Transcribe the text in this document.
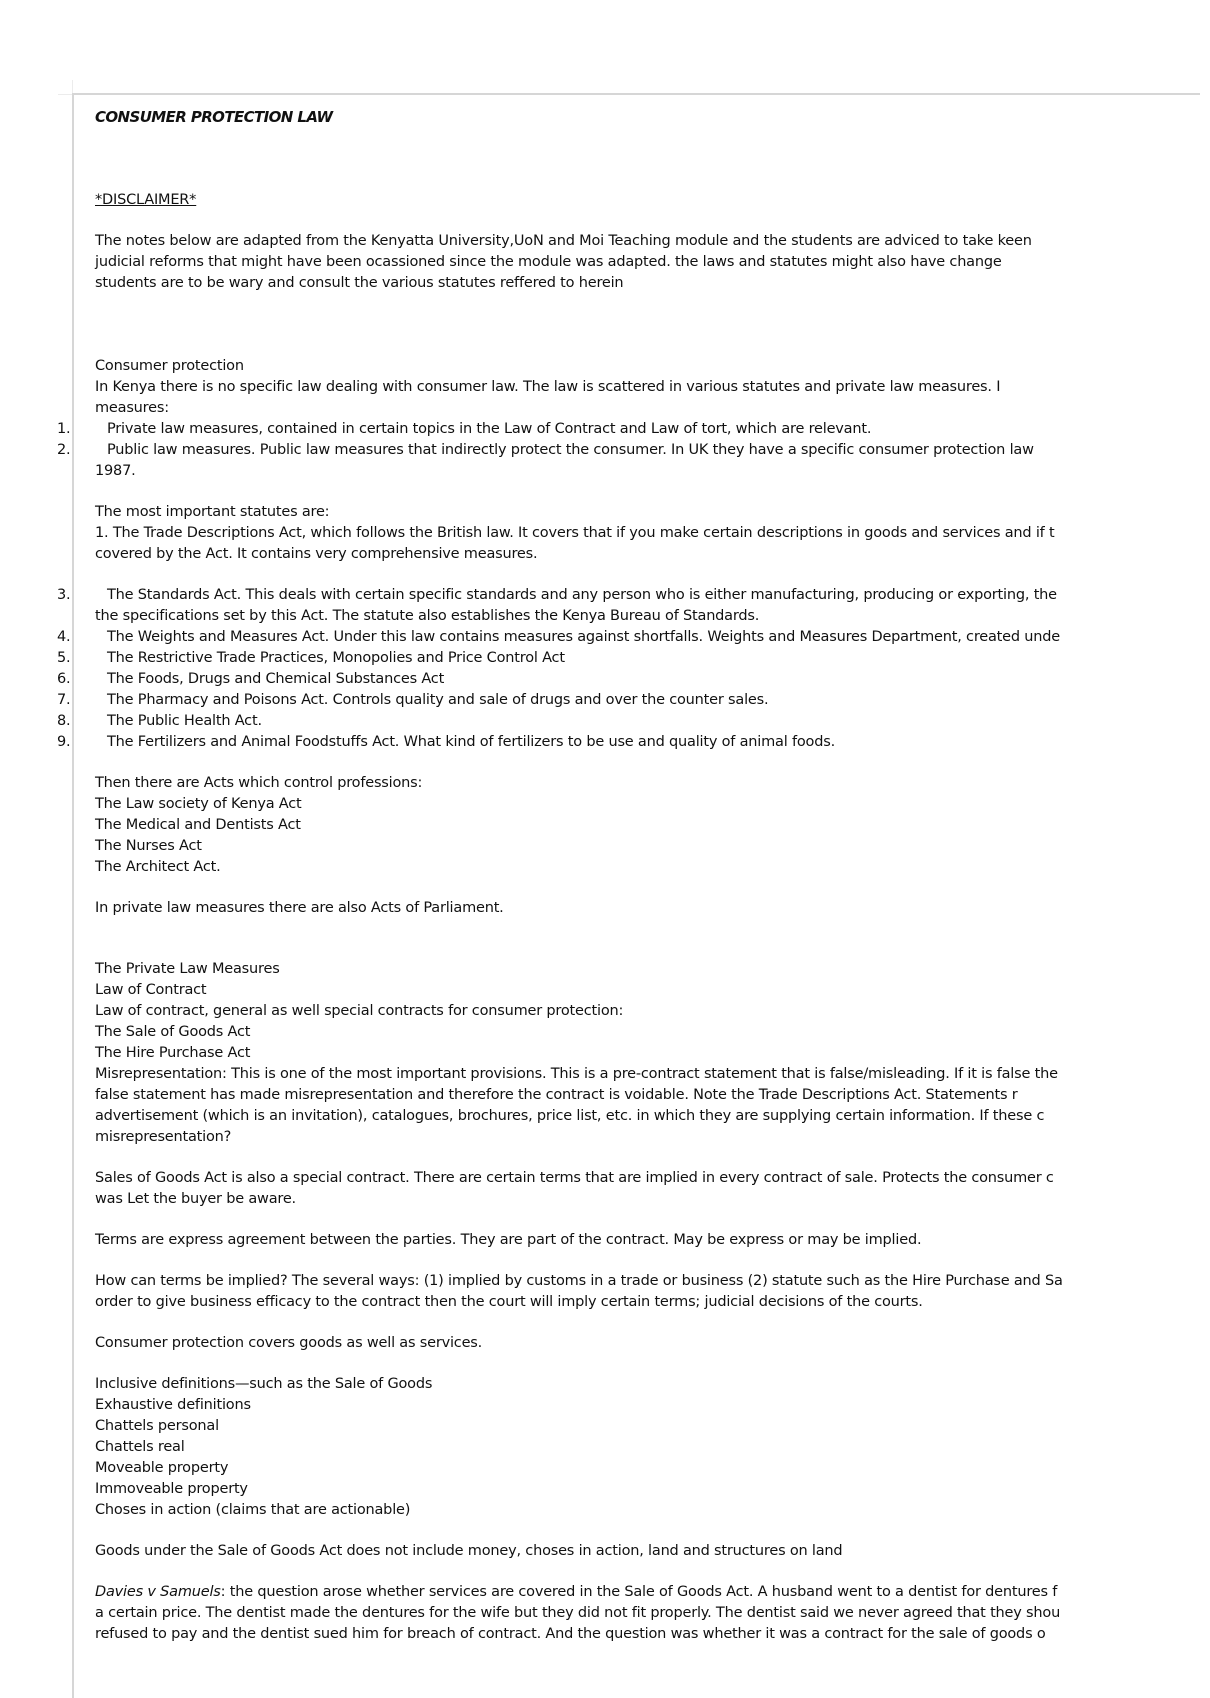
CONSUMER PROTECTION LAW
*DISCLAIMER*
The notes below are adapted from the Kenyatta University,UoN and Moi Teaching module and the students are adviced to take keen
judicial reforms that might have been ocassioned since the module was adapted. the laws and statutes might also have change
students are to be wary and consult the various statutes reffered to herein
Consumer protection
In Kenya there is no specific law dealing with consumer law. The law is scattered in various statutes and private law measures. I
measures:
1.	Private law measures, contained in certain topics in the Law of Contract and Law of tort, which are relevant.
2.	Public law measures. Public law measures that indirectly protect the consumer. In UK they have a specific consumer protection law
1987.
The most important statutes are:
1. The Trade Descriptions Act, which follows the British law. It covers that if you make certain descriptions in goods and services and if t
covered by the Act. It contains very comprehensive measures.
3.	The Standards Act. This deals with certain specific standards and any person who is either manufacturing, producing or exporting, the
the specifications set by this Act. The statute also establishes the Kenya Bureau of Standards.
4.	The Weights and Measures Act. Under this law contains measures against shortfalls. Weights and Measures Department, created unde
5.	The Restrictive Trade Practices, Monopolies and Price Control Act
6.	The Foods, Drugs and Chemical Substances Act
7.	The Pharmacy and Poisons Act. Controls quality and sale of drugs and over the counter sales.
8.	The Public Health Act.
9.	The Fertilizers and Animal Foodstuffs Act. What kind of fertilizers to be use and quality of animal foods.
Then there are Acts which control professions:
The Law society of Kenya Act
The Medical and Dentists Act
The Nurses Act
The Architect Act.
In private law measures there are also Acts of Parliament.
The Private Law Measures
Law of Contract
Law of contract, general as well special contracts for consumer protection:
The Sale of Goods Act
The Hire Purchase Act
Misrepresentation: This is one of the most important provisions. This is a pre-contract statement that is false/misleading. If it is false the
false statement has made misrepresentation and therefore the contract is voidable. Note the Trade Descriptions Act. Statements r
advertisement (which is an invitation), catalogues, brochures, price list, etc. in which they are supplying certain information. If these c
misrepresentation?
Sales of Goods Act is also a special contract. There are certain terms that are implied in every contract of sale. Protects the consumer c
was Let the buyer be aware.
Terms are express agreement between the parties. They are part of the contract. May be express or may be implied.
How can terms be implied? The several ways: (1) implied by customs in a trade or business (2) statute such as the Hire Purchase and Sa
order to give business efficacy to the contract then the court will imply certain terms; judicial decisions of the courts.
Consumer protection covers goods as well as services.
Inclusive definitions—such as the Sale of Goods
Exhaustive definitions
Chattels personal
Chattels real
Moveable property
Immoveable property
Choses in action (claims that are actionable)
Goods under the Sale of Goods Act does not include money, choses in action, land and structures on land
Davies v Samuels: the question arose whether services are covered in the Sale of Goods Act. A husband went to a dentist for dentures f
a certain price. The dentist made the dentures for the wife but they did not fit properly. The dentist said we never agreed that they shou
refused to pay and the dentist sued him for breach of contract. And the question was whether it was a contract for the sale of goods o
